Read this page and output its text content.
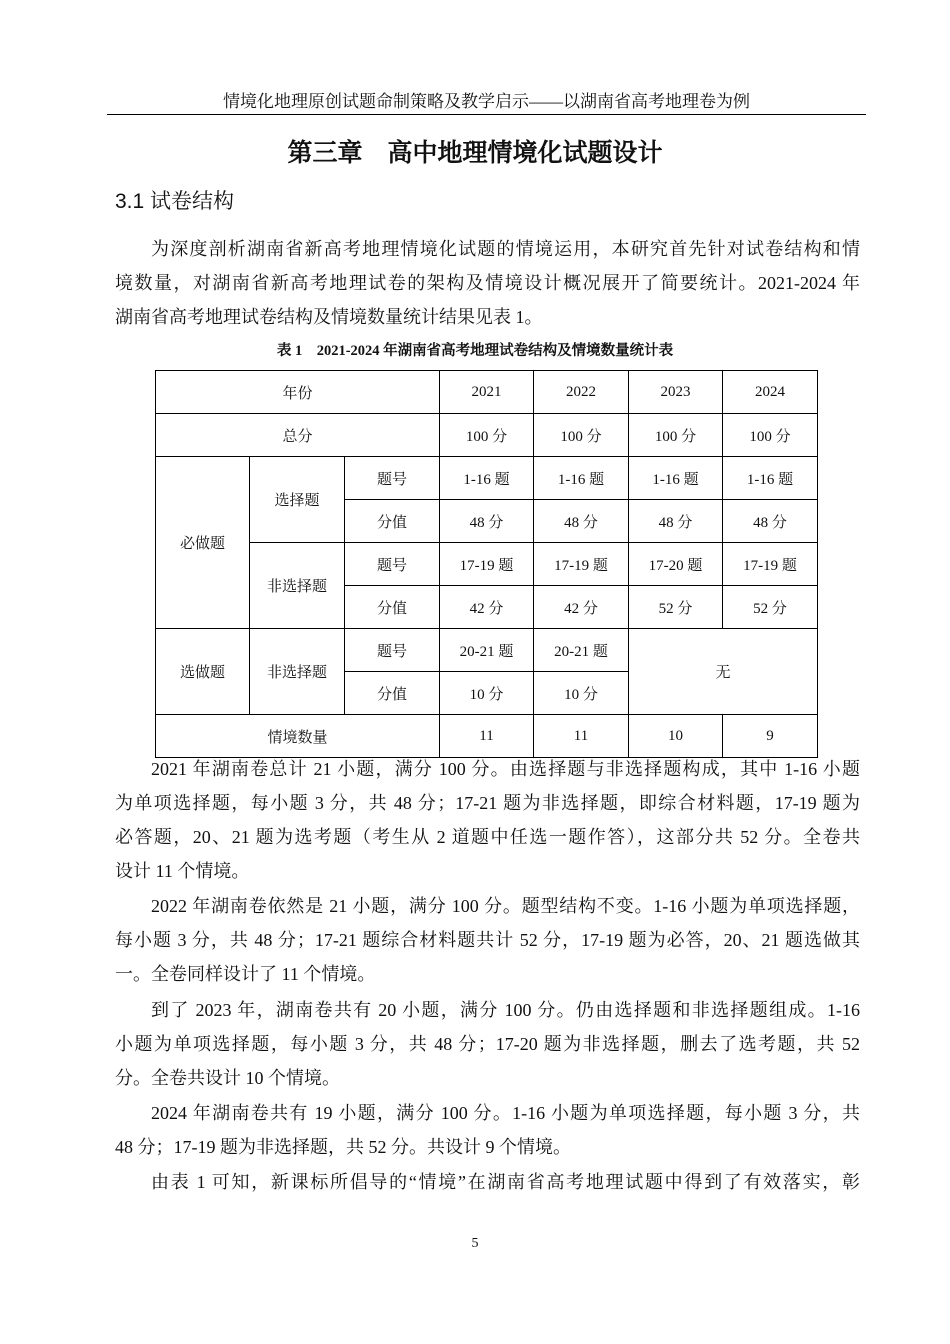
情境化地理原创试题命制策略及教学启示——以湖南省高考地理卷为例
第三章　高中地理情境化试题设计
3.1 试卷结构
为深度剖析湖南省新高考地理情境化试题的情境运用，本研究首先针对试卷结构和情
境数量，对湖南省新高考地理试卷的架构及情境设计概况展开了简要统计。2021-2024 年
湖南省高考地理试卷结构及情境数量统计结果见表 1。
表 1　2021-2024 年湖南省高考地理试卷结构及情境数量统计表
年份			2021	2022	2023	2024
总分			100 分	100 分	100 分	100 分
必做题	选择题	题号	1-16 题	1-16 题	1-16 题	1-16 题
		分值	48 分	48 分	48 分	48 分
	非选择题	题号	17-19 题	17-19 题	17-20 题	17-19 题
		分值	42 分	42 分	52 分	52 分
选做题	非选择题	题号	20-21 题	20-21 题	无	
		分值	10 分	10 分		
情境数量			11	11	10	9
2021 年湖南卷总计 21 小题，满分 100 分。由选择题与非选择题构成，其中 1-16 小题
为单项选择题，每小题 3 分，共 48 分；17-21 题为非选择题，即综合材料题，17-19 题为
必答题，20、21 题为选考题（考生从 2 道题中任选一题作答），这部分共 52 分。全卷共
设计 11 个情境。
2022 年湖南卷依然是 21 小题，满分 100 分。题型结构不变。1-16 小题为单项选择题，
每小题 3 分，共 48 分；17-21 题综合材料题共计 52 分，17-19 题为必答，20、21 题选做其
一。全卷同样设计了 11 个情境。
到了 2023 年，湖南卷共有 20 小题，满分 100 分。仍由选择题和非选择题组成。1-16
小题为单项选择题，每小题 3 分，共 48 分；17-20 题为非选择题，删去了选考题，共 52
分。全卷共设计 10 个情境。
2024 年湖南卷共有 19 小题，满分 100 分。1-16 小题为单项选择题，每小题 3 分，共
48 分；17-19 题为非选择题，共 52 分。共设计 9 个情境。
由表 1 可知，新课标所倡导的“情境”在湖南省高考地理试题中得到了有效落实，彰
5
